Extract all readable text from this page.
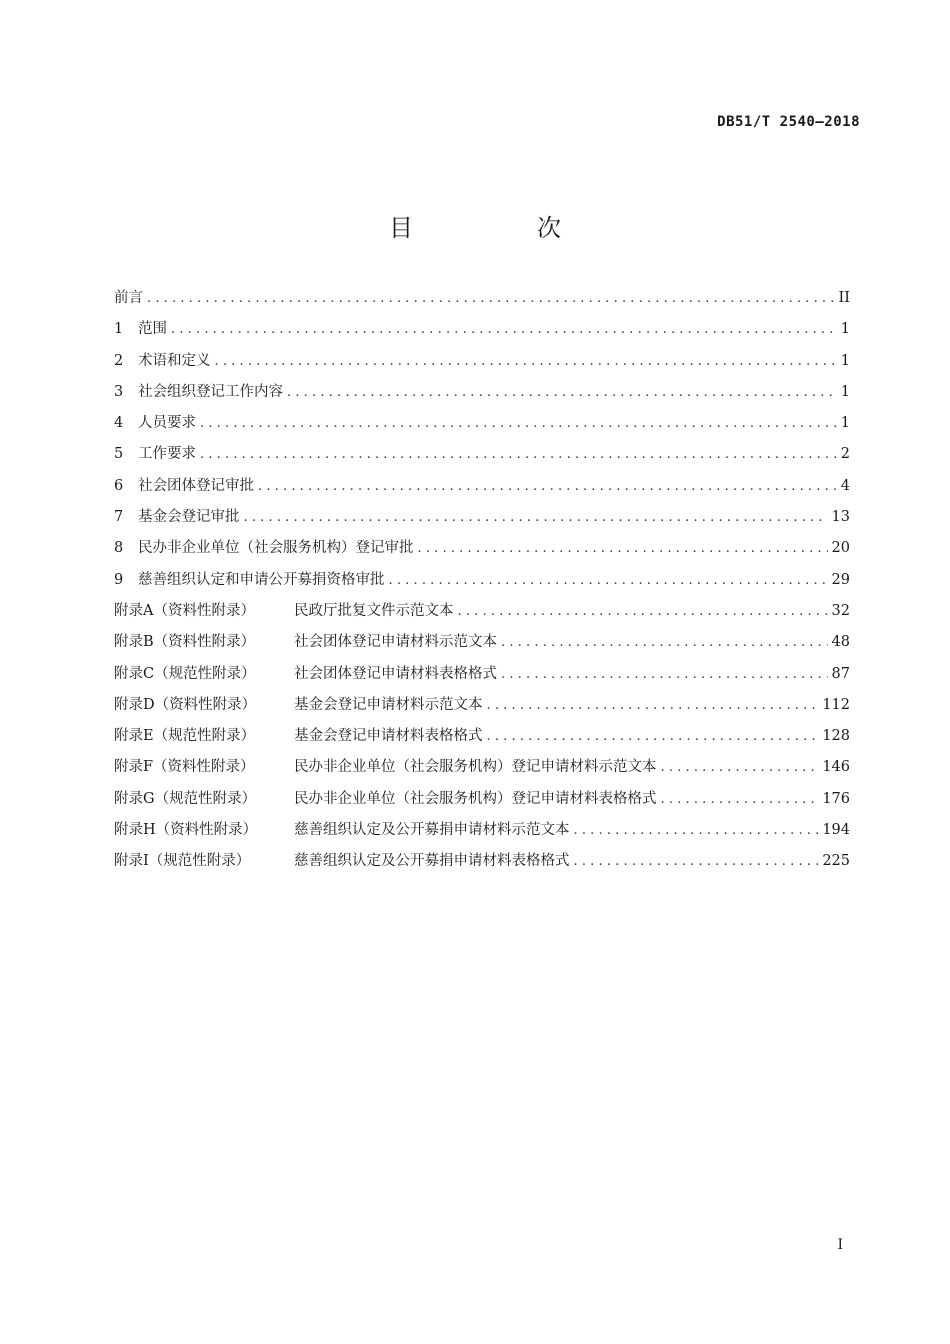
DB51/T 2540—2018
目　次
前言 .....	II
1	范围 .....	1
2	术语和定义 .....	1
3	社会组织登记工作内容 .....	1
4	人员要求 .....	1
5	工作要求 .....	2
6	社会团体登记审批 .....	4
7	基金会登记审批 .....	13
8	民办非企业单位（社会服务机构）登记审批 .....	20
9	慈善组织认定和申请公开募捐资格审批 .....	29
附录A（资料性附录）	民政厅批复文件示范文本 .....	32
附录B（资料性附录）	社会团体登记申请材料示范文本 .....	48
附录C（规范性附录）	社会团体登记申请材料表格格式 .....	87
附录D（资料性附录）	基金会登记申请材料示范文本 .....	112
附录E（规范性附录）	基金会登记申请材料表格格式 .....	128
附录F（资料性附录）	民办非企业单位（社会服务机构）登记申请材料示范文本 .....	146
附录G（规范性附录）	民办非企业单位（社会服务机构）登记申请材料表格格式 .....	176
附录H（资料性附录）	慈善组织认定及公开募捐申请材料示范文本 .....	194
附录I（规范性附录）	慈善组织认定及公开募捐申请材料表格格式 .....	225
I
